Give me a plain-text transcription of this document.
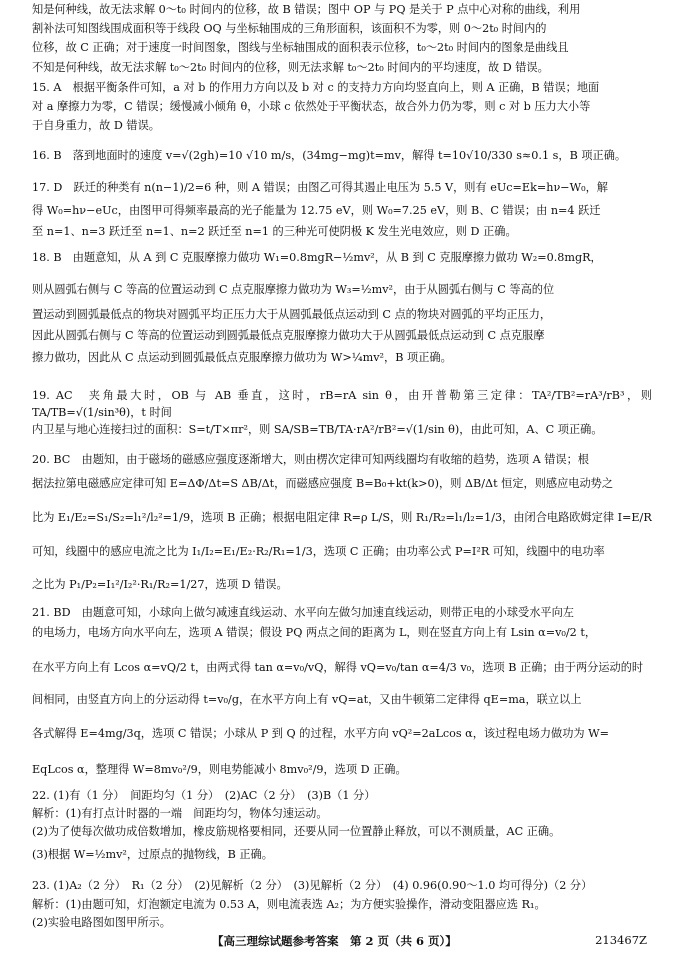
知是何种线，故无法求解 0～t₀ 时间内的位移，故 B 错误；图中 OP 与 PQ 是关于 P 点中心对称的曲线，利用
割补法可知图线围成面积等于线段 OQ 与坐标轴围成的三角形面积，该面积不为零，则 0～2t₀ 时间内的
位移，故 C 正确；对于速度一时间图象，图线与坐标轴围成的面积表示位移，t₀～2t₀ 时间内的图象是曲线且
不知是何种线，故无法求解 t₀～2t₀ 时间内的位移，则无法求解 t₀～2t₀ 时间内的平均速度，故 D 错误。
15. A　根据平衡条件可知，a 对 b 的作用力方向以及 b 对 c 的支持力方向均竖直向上，则 A 正确，B 错误；地面
对 a 摩擦力为零，C 错误；缓慢减小倾角 θ，小球 c 依然处于平衡状态，故合外力仍为零，则 c 对 b 压力大小等
于自身重力，故 D 错误。
16. B　落到地面时的速度 v=√(2gh)=10 √10 m/s，(34mg−mg)t=mv，解得 t=10√10/330 s≈0.1 s，B 项正确。
17. D　跃迁的种类有 n(n−1)/2=6 种，则 A 错误；由图乙可得其遏止电压为 5.5 V，则有 eUc=Ek=hν−W₀，解
得 W₀=hν−eUc，由图甲可得频率最高的光子能量为 12.75 eV，则 W₀=7.25 eV，则 B、C 错误；由 n=4 跃迁
至 n=1、n=3 跃迁至 n=1、n=2 跃迁至 n=1 的三种光可使阴极 K 发生光电效应，则 D 正确。
18. B　由题意知，从 A 到 C 克服摩擦力做功 W₁=0.8mgR−½mv²，从 B 到 C 克服摩擦力做功 W₂=0.8mgR，
则从圆弧右侧与 C 等高的位置运动到 C 点克服摩擦力做功为 W₃=½mv²，由于从圆弧右侧与 C 等高的位
置运动到圆弧最低点的物块对圆弧平均正压力大于从圆弧最低点运动到 C 点的物块对圆弧的平均正压力，
因此从圆弧右侧与 C 等高的位置运动到圆弧最低点克服摩擦力做功大于从圆弧最低点运动到 C 点克服摩
擦力做功，因此从 C 点运动到圆弧最低点克服摩擦力做功为 W>¼mv²，B 项正确。
19. AC　夹角最大时，OB 与 AB 垂直，这时，rB=rA sin θ，由开普勒第三定律：TA²/TB²=rA³/rB³，则 TA/TB=√(1/sin³θ)，t 时间
内卫星与地心连接扫过的面积：S=t/T×πr²，则 SA/SB=TB/TA·rA²/rB²=√(1/sin θ)，由此可知，A、C 项正确。
20. BC　由题知，由于磁场的磁感应强度逐渐增大，则由楞次定律可知两线圈均有收缩的趋势，选项 A 错误；根
据法拉第电磁感应定律可知 E=ΔΦ/Δt=S ΔB/Δt，而磁感应强度 B=B₀+kt(k>0)，则 ΔB/Δt 恒定，则感应电动势之
比为 E₁/E₂=S₁/S₂=l₁²/l₂²=1/9，选项 B 正确；根据电阻定律 R=ρ L/S，则 R₁/R₂=l₁/l₂=1/3，由闭合电路欧姆定律 I=E/R
可知，线圈中的感应电流之比为 I₁/I₂=E₁/E₂·R₂/R₁=1/3，选项 C 正确；由功率公式 P=I²R 可知，线圈中的电功率
之比为 P₁/P₂=I₁²/I₂²·R₁/R₂=1/27，选项 D 错误。
21. BD　由题意可知，小球向上做匀减速直线运动、水平向左做匀加速直线运动，则带正电的小球受水平向左
的电场力，电场方向水平向左，选项 A 错误；假设 PQ 两点之间的距离为 L，则在竖直方向上有 Lsin α=v₀/2 t，
在水平方向上有 Lcos α=vQ/2 t，由两式得 tan α=v₀/vQ，解得 vQ=v₀/tan α=4/3 v₀，选项 B 正确；由于两分运动的时
间相同，由竖直方向上的分运动得 t=v₀/g，在水平方向上有 vQ=at，又由牛顿第二定律得 qE=ma，联立以上
各式解得 E=4mg/3q，选项 C 错误；小球从 P 到 Q 的过程，水平方向 vQ²=2aLcos α，该过程电场力做功为 W=
EqLcos α，整理得 W=8mv₀²/9，则电势能减小 8mv₀²/9，选项 D 正确。
22. (1)有（1 分）　间距均匀（1 分）　(2)AC（2 分）　(3)B（1 分）
解析：(1)有打点计时器的一端　间距均匀，物体匀速运动。
(2)为了使每次做功成倍数增加，橡皮筋规格要相同，还要从同一位置静止释放，可以不测质量，AC 正确。
(3)根据 W=½mv²，过原点的抛物线，B 正确。
23. (1)A₂（2 分）　R₁（2 分）　(2)见解析（2 分）　(3)见解析（2 分）　(4) 0.96(0.90～1.0 均可得分)（2 分）
解析：(1)由题可知，灯泡额定电流为 0.53 A，则电流表选 A₂；为方便实验操作，滑动变阻器应选 R₁。
(2)实验电路图如图甲所示。
【高三理综试题参考答案　第 2 页（共 6 页）】	213467Z
